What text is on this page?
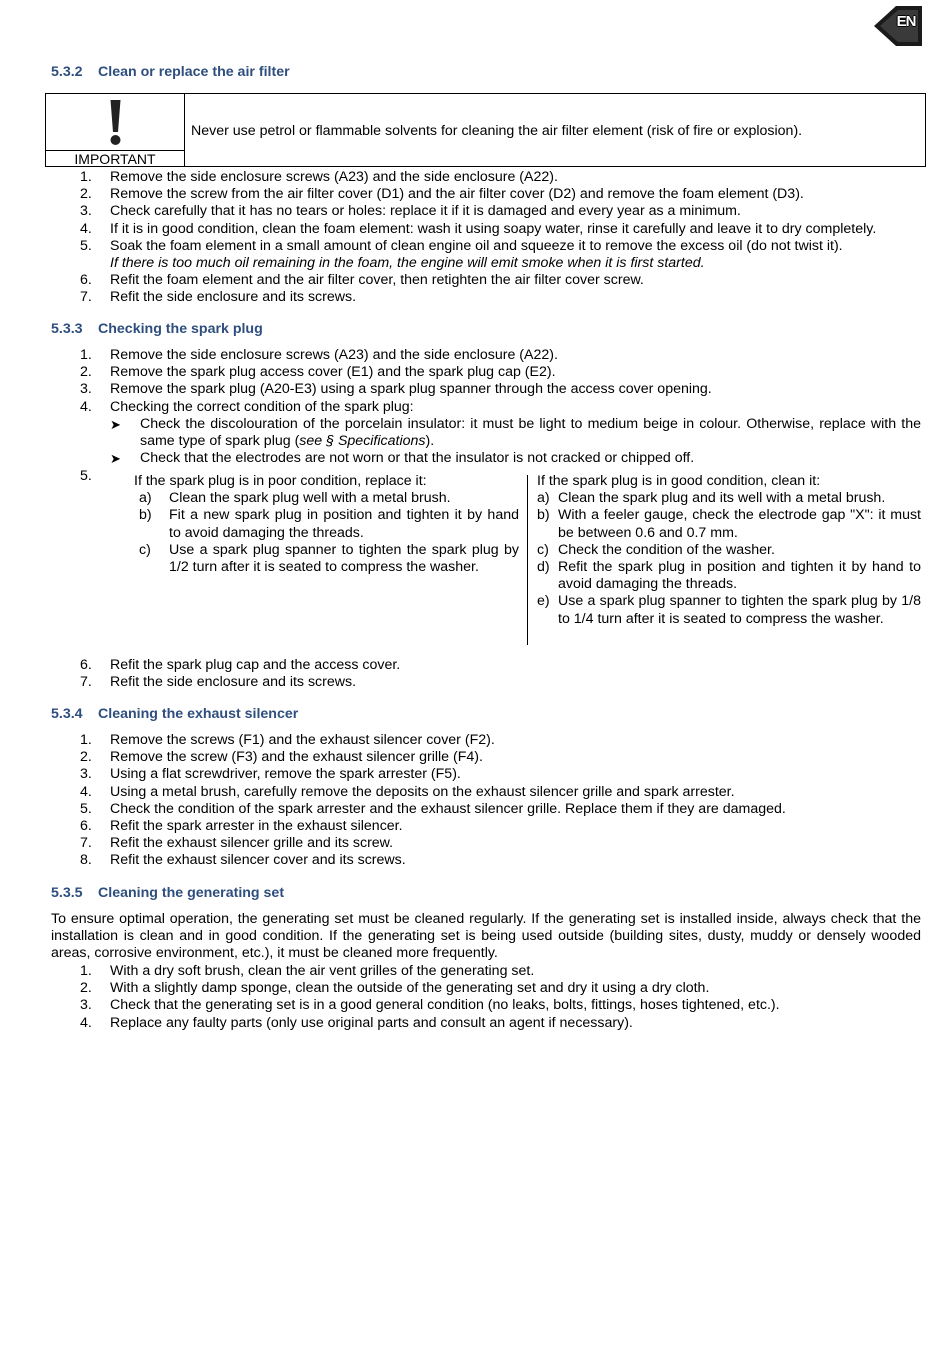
EN
5.3.2 Clean or replace the air filter
IMPORTANT
Never use petrol or flammable solvents for cleaning the air filter element (risk of fire or explosion).
1. Remove the side enclosure screws (A23) and the side enclosure (A22).
2. Remove the screw from the air filter cover (D1) and the air filter cover (D2) and remove the foam element (D3).
3. Check carefully that it has no tears or holes: replace it if it is damaged and every year as a minimum.
4. If it is in good condition, clean the foam element: wash it using soapy water, rinse it carefully and leave it to dry completely.
5. Soak the foam element in a small amount of clean engine oil and squeeze it to remove the excess oil (do not twist it).
If there is too much oil remaining in the foam, the engine will emit smoke when it is first started.
6. Refit the foam element and the air filter cover, then retighten the air filter cover screw.
7. Refit the side enclosure and its screws.
5.3.3 Checking the spark plug
1. Remove the side enclosure screws (A23) and the side enclosure (A22).
2. Remove the spark plug access cover (E1) and the spark plug cap (E2).
3. Remove the spark plug (A20-E3) using a spark plug spanner through the access cover opening.
4. Checking the correct condition of the spark plug:
➤ Check the discolouration of the porcelain insulator: it must be light to medium beige in colour. Otherwise, replace with the same type of spark plug (see § Specifications).
➤ Check that the electrodes are not worn or that the insulator is not cracked or chipped off.
5.	If the spark plug is in poor condition, replace it:
a) Clean the spark plug well with a metal brush.
b) Fit a new spark plug in position and tighten it by hand to avoid damaging the threads.
c) Use a spark plug spanner to tighten the spark plug by 1/2 turn after it is seated to compress the washer.
If the spark plug is in good condition, clean it:
a) Clean the spark plug and its well with a metal brush.
b) With a feeler gauge, check the electrode gap "X": it must be between 0.6 and 0.7 mm.
c) Check the condition of the washer.
d) Refit the spark plug in position and tighten it by hand to avoid damaging the threads.
e) Use a spark plug spanner to tighten the spark plug by 1/8 to 1/4 turn after it is seated to compress the washer.
6. Refit the spark plug cap and the access cover.
7. Refit the side enclosure and its screws.
5.3.4 Cleaning the exhaust silencer
1. Remove the screws (F1) and the exhaust silencer cover (F2).
2. Remove the screw (F3) and the exhaust silencer grille (F4).
3. Using a flat screwdriver, remove the spark arrester (F5).
4. Using a metal brush, carefully remove the deposits on the exhaust silencer grille and spark arrester.
5. Check the condition of the spark arrester and the exhaust silencer grille. Replace them if they are damaged.
6. Refit the spark arrester in the exhaust silencer.
7. Refit the exhaust silencer grille and its screw.
8. Refit the exhaust silencer cover and its screws.
5.3.5 Cleaning the generating set
To ensure optimal operation, the generating set must be cleaned regularly. If the generating set is installed inside, always check that the installation is clean and in good condition. If the generating set is being used outside (building sites, dusty, muddy or densely wooded areas, corrosive environment, etc.), it must be cleaned more frequently.
1. With a dry soft brush, clean the air vent grilles of the generating set.
2. With a slightly damp sponge, clean the outside of the generating set and dry it using a dry cloth.
3. Check that the generating set is in a good general condition (no leaks, bolts, fittings, hoses tightened, etc.).
4. Replace any faulty parts (only use original parts and consult an agent if necessary).
